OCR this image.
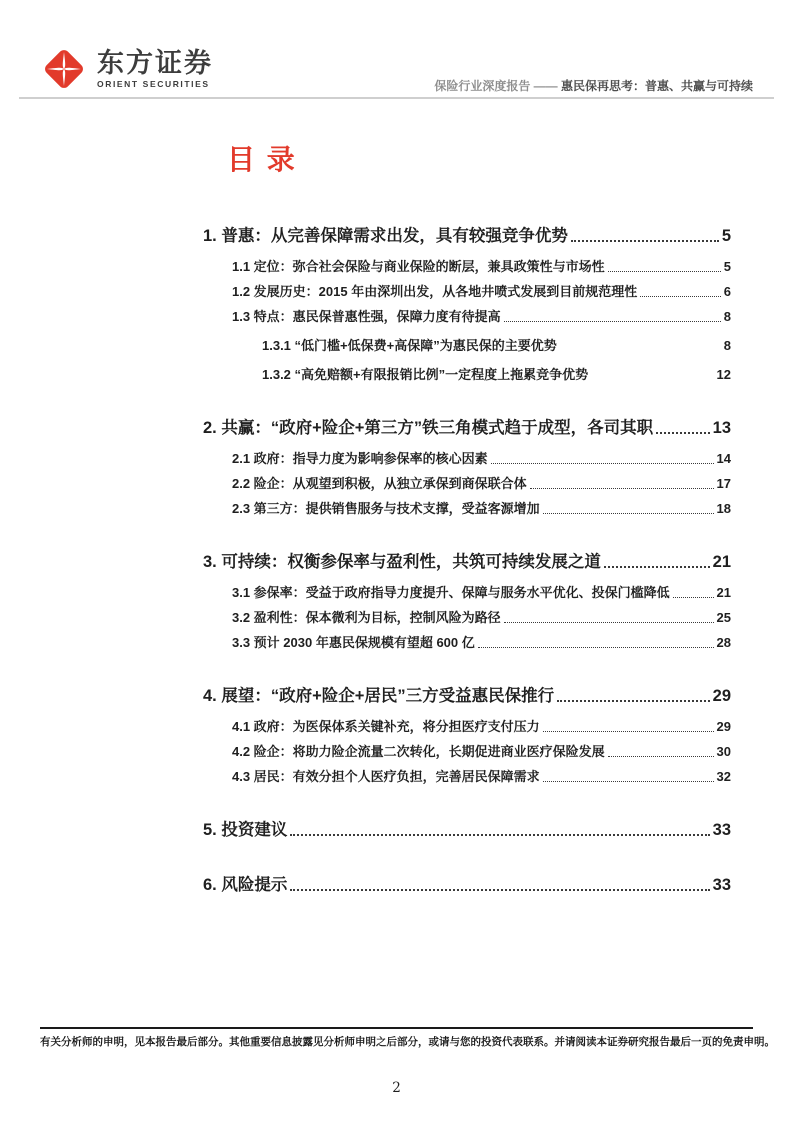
东方证券
ORIENT SECURITIES	保险行业深度报告 —— 惠民保再思考：普惠、共赢与可持续
目 录
1. 普惠：从完善保障需求出发，具有较强竞争优势	5
1.1 定位：弥合社会保险与商业保险的断层，兼具政策性与市场性	5
1.2 发展历史：2015 年由深圳出发，从各地井喷式发展到目前规范理性	6
1.3 特点：惠民保普惠性强，保障力度有待提高	8
1.3.1 “低门槛+低保费+高保障”为惠民保的主要优势	8
1.3.2 “高免赔额+有限报销比例”一定程度上拖累竞争优势	12
2. 共赢：“政府+险企+第三方”铁三角模式趋于成型，各司其职	13
2.1 政府：指导力度为影响参保率的核心因素	14
2.2 险企：从观望到积极，从独立承保到商保联合体	17
2.3 第三方：提供销售服务与技术支撑，受益客源增加	18
3. 可持续：权衡参保率与盈利性，共筑可持续发展之道	21
3.1 参保率：受益于政府指导力度提升、保障与服务水平优化、投保门槛降低	21
3.2 盈利性：保本微利为目标，控制风险为路径	25
3.3 预计 2030 年惠民保规模有望超 600 亿	28
4. 展望：“政府+险企+居民”三方受益惠民保推行	29
4.1 政府：为医保体系关键补充，将分担医疗支付压力	29
4.2 险企：将助力险企流量二次转化，长期促进商业医疗保险发展	30
4.3 居民：有效分担个人医疗负担，完善居民保障需求	32
5. 投资建议	33
6. 风险提示	33
有关分析师的申明，见本报告最后部分。其他重要信息披露见分析师申明之后部分，或请与您的投资代表联系。并请阅读本证券研究报告最后一页的免责申明。
2
